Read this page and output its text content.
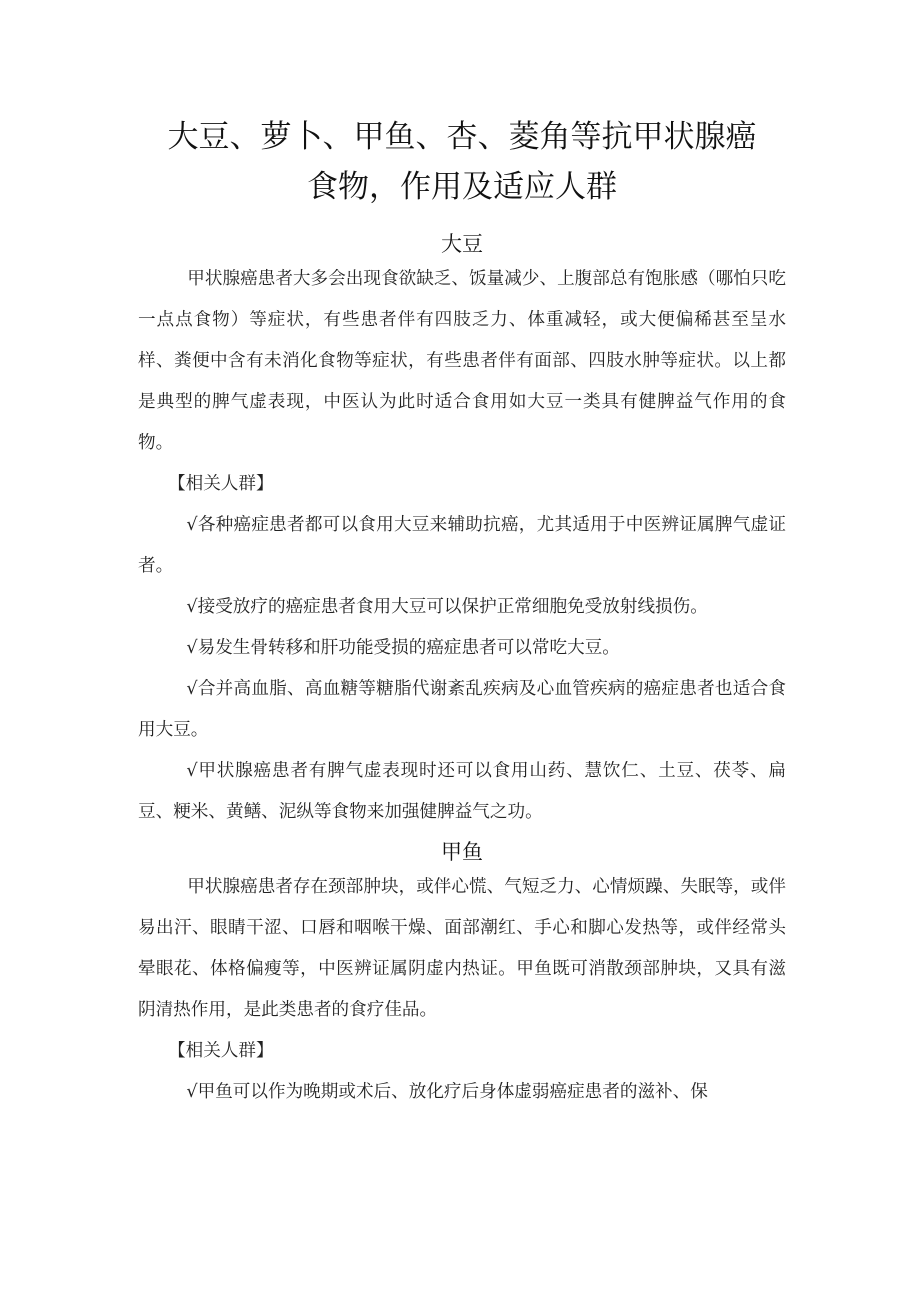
大豆、萝卜、甲鱼、杏、菱角等抗甲状腺癌
食物，作用及适应人群
大豆

甲状腺癌患者大多会出现食欲缺乏、饭量减少、上腹部总有饱胀感（哪怕只吃一点点食物）等症状，有些患者伴有四肢乏力、体重减轻，或大便偏稀甚至呈水样、粪便中含有未消化食物等症状，有些患者伴有面部、四肢水肿等症状。以上都是典型的脾气虚表现，中医认为此时适合食用如大豆一类具有健脾益气作用的食物。

【相关人群】

√各种癌症患者都可以食用大豆来辅助抗癌，尤其适用于中医辨证属脾气虚证者。

√接受放疗的癌症患者食用大豆可以保护正常细胞免受放射线损伤。

√易发生骨转移和肝功能受损的癌症患者可以常吃大豆。

√合并高血脂、高血糖等糖脂代谢紊乱疾病及心血管疾病的癌症患者也适合食用大豆。

√甲状腺癌患者有脾气虚表现时还可以食用山药、慧饮仁、土豆、茯苓、扁豆、粳米、黄鳝、泥纵等食物来加强健脾益气之功。

甲鱼

甲状腺癌患者存在颈部肿块，或伴心慌、气短乏力、心情烦躁、失眠等，或伴易出汗、眼睛干涩、口唇和咽喉干燥、面部潮红、手心和脚心发热等，或伴经常头晕眼花、体格偏瘦等，中医辨证属阴虚内热证。甲鱼既可消散颈部肿块，又具有滋阴清热作用，是此类患者的食疗佳品。

【相关人群】

√甲鱼可以作为晚期或术后、放化疗后身体虚弱癌症患者的滋补、保
